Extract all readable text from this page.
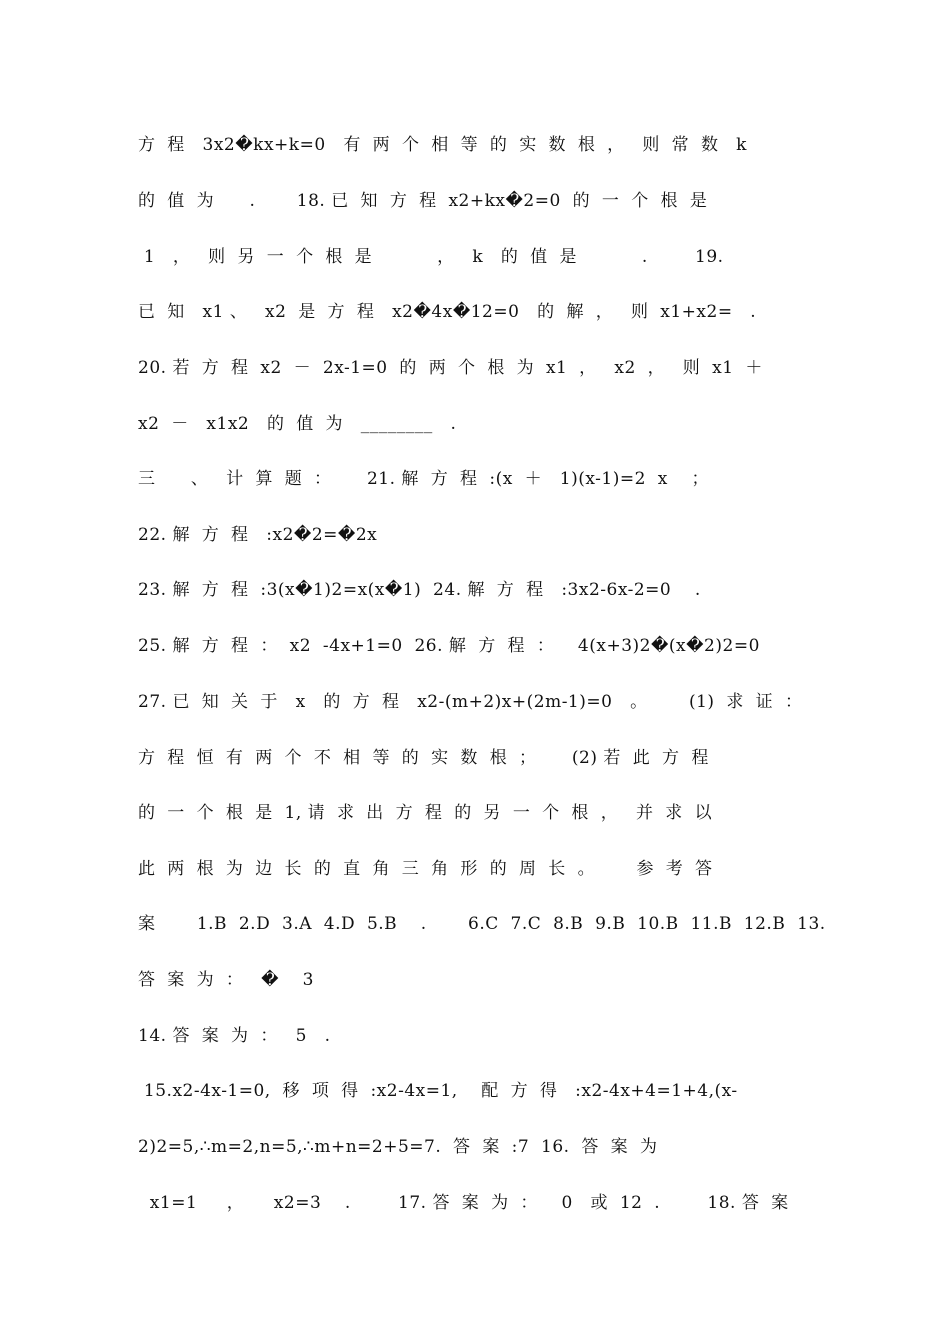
方  程   3x2�kx+k=0   有  两  个  相  等  的  实  数  根  ，   则  常  数   k
的  值  为      .       18. 已  知  方  程  x2+kx�2=0  的  一  个  根  是
1   ，   则  另  一  个  根  是           ，   k   的  值  是           .        19.
已  知   x1 、   x2  是  方  程   x2�4x�12=0   的  解  ，   则  x1+x2=   .
20. 若  方  程  x2  －  2x-1=0  的  两  个  根  为  x1  ，   x2  ，   则  x1  ＋
x2  －   x1x2   的  值  为   ________   .
三      、   计  算  题  ：      21. 解  方  程  :(x  ＋   1)(x-1)=2  x    ；
22. 解  方  程   :x2�2=�2x
23. 解  方  程  :3(x�1)2=x(x�1)  24. 解  方  程   :3x2-6x-2=0    .
25. 解  方  程  ：  x2  -4x+1=0  26. 解  方  程  ：    4(x+3)2�(x�2)2=0
27. 已  知  关  于   x   的  方  程   x2-(m+2)x+(2m-1)=0   。       (1)  求  证  ：
方  程  恒  有  两  个  不  相  等  的  实  数  根  ；      (2) 若  此  方  程
的  一  个  根  是  1, 请  求  出  方  程  的  另  一  个  根  ，   并  求  以
此  两  根  为  边  长  的  直  角  三  角  形  的  周  长  。       参  考  答
案       1.B  2.D  3.A  4.D  5.B    .       6.C  7.C  8.B  9.B  10.B  11.B  12.B  13.
答  案  为  ：   �    3
14. 答  案  为  ：   5   .
15.x2-4x-1=0,  移  项  得  :x2-4x=1,    配  方  得   :x2-4x+4=1+4,(x-
2)2=5,∴m=2,n=5,∴m+n=2+5=7.  答  案  :7  16.  答  案  为
x1=1     ，     x2=3    .        17. 答  案  为  ：    0   或  12  .        18. 答  案
